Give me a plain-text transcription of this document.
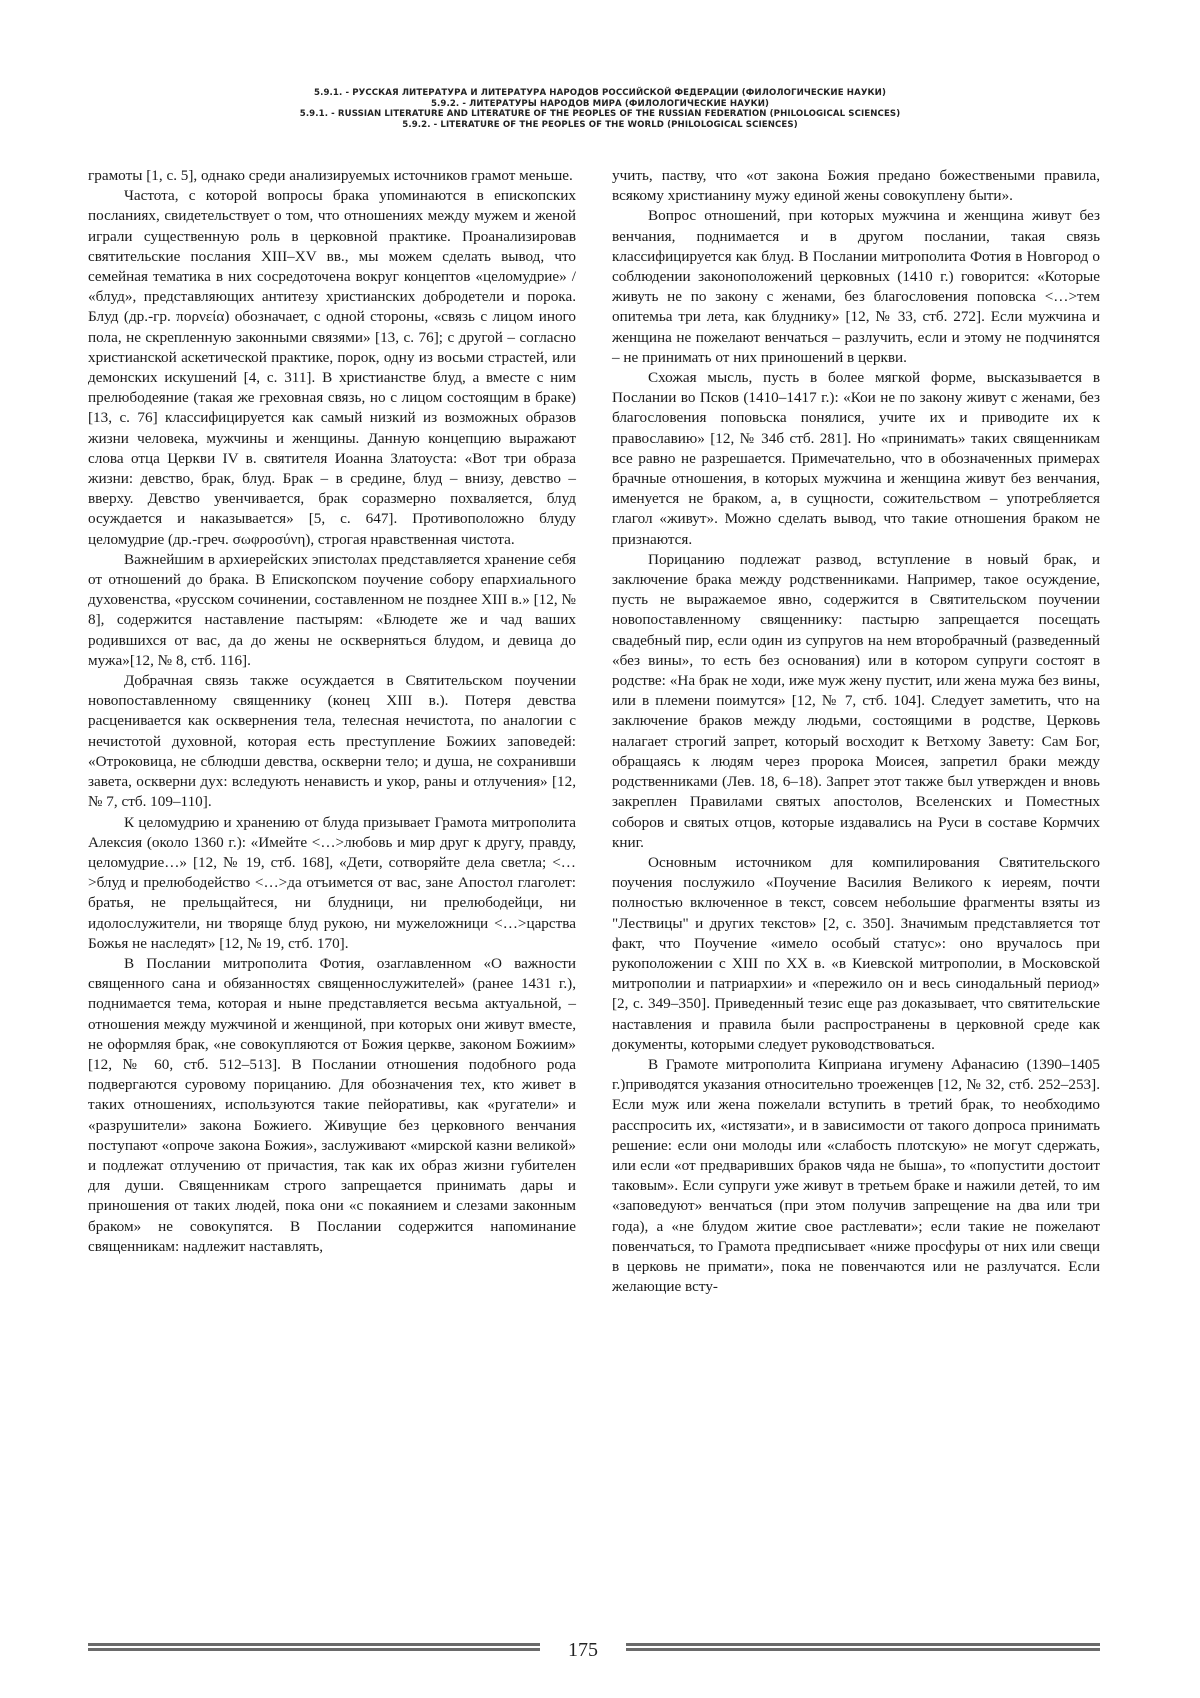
5.9.1. - РУССКАЯ ЛИТЕРАТУРА И ЛИТЕРАТУРА НАРОДОВ РОССИЙСКОЙ ФЕДЕРАЦИИ (ФИЛОЛОГИЧЕСКИЕ НАУКИ)
5.9.2. - ЛИТЕРАТУРЫ НАРОДОВ МИРА (ФИЛОЛОГИЧЕСКИЕ НАУКИ)
5.9.1. - RUSSIAN LITERATURE AND LITERATURE OF THE PEOPLES OF THE RUSSIAN FEDERATION (PHILOLOGICAL SCIENCES)
5.9.2. - LITERATURE OF THE PEOPLES OF THE WORLD (PHILOLOGICAL SCIENCES)

грамоты [1, с. 5], однако среди анализируемых источников грамот меньше.

Частота, с которой вопросы брака упоминаются в епископских посланиях, свидетельствует о том, что отношениях между мужем и женой играли существенную роль в церковной практике. Проанализировав святительские послания XIII–XV вв., мы можем сделать вывод, что семейная тематика в них сосредоточена вокруг концептов «целомудрие» / «блуд», представляющих антитезу христианских добродетели и порока. Блуд (др.-гр. πορνεία) обозначает, с одной стороны, «связь с лицом иного пола, не скрепленную законными связями» [13, с. 76]; с другой – согласно христианской аскетической практике, порок, одну из восьми страстей, или демонских искушений [4, с. 311]. В христианстве блуд, а вместе с ним прелюбодеяние (такая же греховная связь, но с лицом состоящим в браке) [13, с. 76] классифицируется как самый низкий из возможных образов жизни человека, мужчины и женщины. Данную концепцию выражают слова отца Церкви IV в. святителя Иоанна Златоуста: «Вот три образа жизни: девство, брак, блуд. Брак – в средине, блуд – внизу, девство – вверху. Девство увенчивается, брак соразмерно похваляется, блуд осуждается и наказывается» [5, с. 647]. Противоположно блуду целомудрие (др.-греч. σωφροσύνη), строгая нравственная чистота.

Важнейшим в архиерейских эпистолах представляется хранение себя от отношений до брака. В Епископском поучение собору епархиального духовенства, «русском сочинении, составленном не позднее XIII в.» [12, № 8], содержится наставление пастырям: «Блюдете же и чад ваших родившихся от вас, да до жены не оскверняться блудом, и девица до мужа»[12, № 8, стб. 116].

Добрачная связь также осуждается в Святительском поучении новопоставленному священнику (конец XIII в.). Потеря девства расценивается как осквернения тела, телесная нечистота, по аналогии с нечистотой духовной, которая есть преступление Божиих заповедей: «Отроковица, не сблюдши девства, оскверни тело; и душа, не сохранивши завета, оскверни дух: вследують ненависть и укор, раны и отлучения» [12, № 7, стб. 109–110].

К целомудрию и хранению от блуда призывает Грамота митрополита Алексия (около 1360 г.): «Имейте <…>любовь и мир друг к другу, правду, целомудрие…» [12, № 19, стб. 168], «Дети, сотворяйте дела светла; <…>блуд и прелюбодейство <…>да отъимется от вас, зане Апостол глаголет: братья, не прельщайтеся, ни блудници, ни прелюбодейци, ни идолослужители, ни творяще блуд рукою, ни мужеложници <…>царства Божья не наследят» [12, № 19, стб. 170].

В Послании митрополита Фотия, озаглавленном «О важности священного сана и обязанностях священнослужителей» (ранее 1431 г.), поднимается тема, которая и ныне представляется весьма актуальной, – отношения между мужчиной и женщиной, при которых они живут вместе, не оформляя брак, «не совокупляются от Божия церкве, законом Божиим» [12, № 60, стб. 512–513]. В Послании отношения подобного рода подвергаются суровому порицанию. Для обозначения тех, кто живет в таких отношениях, используются такие пейоративы, как «ругатели» и «разрушители» закона Божиего. Живущие без церковного венчания поступают «опроче закона Божия», заслуживают «мирской казни великой» и подлежат отлучению от причастия, так как их образ жизни губителен для души. Священникам строго запрещается принимать дары и приношения от таких людей, пока они «с покаянием и слезами законным браком» не совокупятся. В Послании содержится напоминание священникам: надлежит наставлять,

учить, паству, что «от закона Божия предано божествеными правила, всякому христианину мужу единой жены совокуплену быти».

Вопрос отношений, при которых мужчина и женщина живут без венчания, поднимается и в другом послании, такая связь классифицируется как блуд. В Послании митрополита Фотия в Новгород о соблюдении законоположений церковных (1410 г.) говорится: «Которые живуть не по закону с женами, без благословения поповска <…>тем опитемьа три лета, как блуднику» [12, № 33, стб. 272]. Если мужчина и женщина не пожелают венчаться – разлучить, если и этому не подчинятся – не принимать от них приношений в церкви.

Схожая мысль, пусть в более мягкой форме, высказывается в Послании во Псков (1410–1417 г.): «Кои не по закону живут с женами, без благословения поповьска понялися, учите их и приводите их к православию» [12, № 34б стб. 281]. Но «принимать» таких священникам все равно не разрешается. Примечательно, что в обозначенных примерах брачные отношения, в которых мужчина и женщина живут без венчания, именуется не браком, а, в сущности, сожительством – употребляется глагол «живут». Можно сделать вывод, что такие отношения браком не признаются.

Порицанию подлежат развод, вступление в новый брак, и заключение брака между родственниками. Например, такое осуждение, пусть не выражаемое явно, содержится в Святительском поучении новопоставленному священнику: пастырю запрещается посещать свадебный пир, если один из супругов на нем второбрачный (разведенный «без вины», то есть без основания) или в котором супруги состоят в родстве: «На брак не ходи, иже муж жену пустит, или жена мужа без вины, или в племени поимутся» [12, № 7, стб. 104]. Следует заметить, что на заключение браков между людьми, состоящими в родстве, Церковь налагает строгий запрет, который восходит к Ветхому Завету: Сам Бог, обращаясь к людям через пророка Моисея, запретил браки между родственниками (Лев. 18, 6–18). Запрет этот также был утвержден и вновь закреплен Правилами святых апостолов, Вселенских и Поместных соборов и святых отцов, которые издавались на Руси в составе Кормчих книг.

Основным источником для компилирования Святительского поучения послужило «Поучение Василия Великого к иереям, почти полностью включенное в текст, совсем небольшие фрагменты взяты из "Лествицы" и других текстов» [2, с. 350]. Значимым представляется тот факт, что Поучение «имело особый статус»: оно вручалось при рукоположении с XIII по XX в. «в Киевской митрополии, в Московской митрополии и патриархии» и «пережило он и весь синодальный период» [2, с. 349–350]. Приведенный тезис еще раз доказывает, что святительские наставления и правила были распространены в церковной среде как документы, которыми следует руководствоваться.

В Грамоте митрополита Киприана игумену Афанасию (1390–1405 г.)приводятся указания относительно троеженцев [12, № 32, стб. 252–253]. Если муж или жена пожелали вступить в третий брак, то необходимо расспросить их, «истязати», и в зависимости от такого допроса принимать решение: если они молоды или «слабость плотскую» не могут сдержать, или если «от предваривших браков чяда не быша», то «попустити достоит таковым». Если супруги уже живут в третьем браке и нажили детей, то им «заповедуют» венчаться (при этом получив запрещение на два или три года), а «не блудом житие свое растлевати»; если такие не пожелают повенчаться, то Грамота предписывает «ниже просфуры от них или свещи в церковь не примати», пока не повенчаются или не разлучатся. Если желающие всту-

175
